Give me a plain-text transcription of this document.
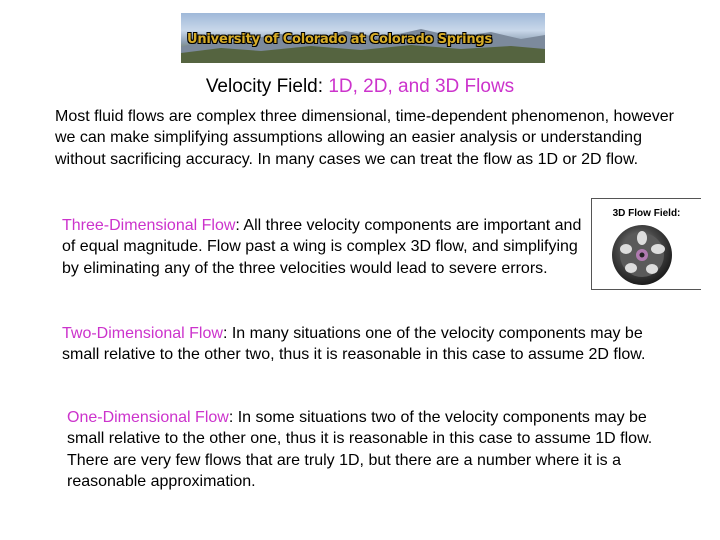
University of Colorado at Colorado Springs
Velocity Field: 1D, 2D, and 3D Flows

Most fluid flows are complex three dimensional, time-dependent phenomenon, however we can make simplifying assumptions allowing an easier analysis or understanding without sacrificing accuracy. In many cases we can treat the flow as 1D or 2D flow.

Three-Dimensional Flow: All three velocity components are important and of equal magnitude. Flow past a wing is complex 3D flow, and simplifying by eliminating any of the three velocities would lead to severe errors.

3D Flow Field:

Two-Dimensional Flow: In many situations one of the velocity components may be small relative to the other two, thus it is reasonable in this case to assume 2D flow.

One-Dimensional Flow: In some situations two of the velocity components may be small relative to the other one, thus it is reasonable in this case to assume 1D flow. There are very few flows that are truly 1D, but there are a number where it is a reasonable approximation.
